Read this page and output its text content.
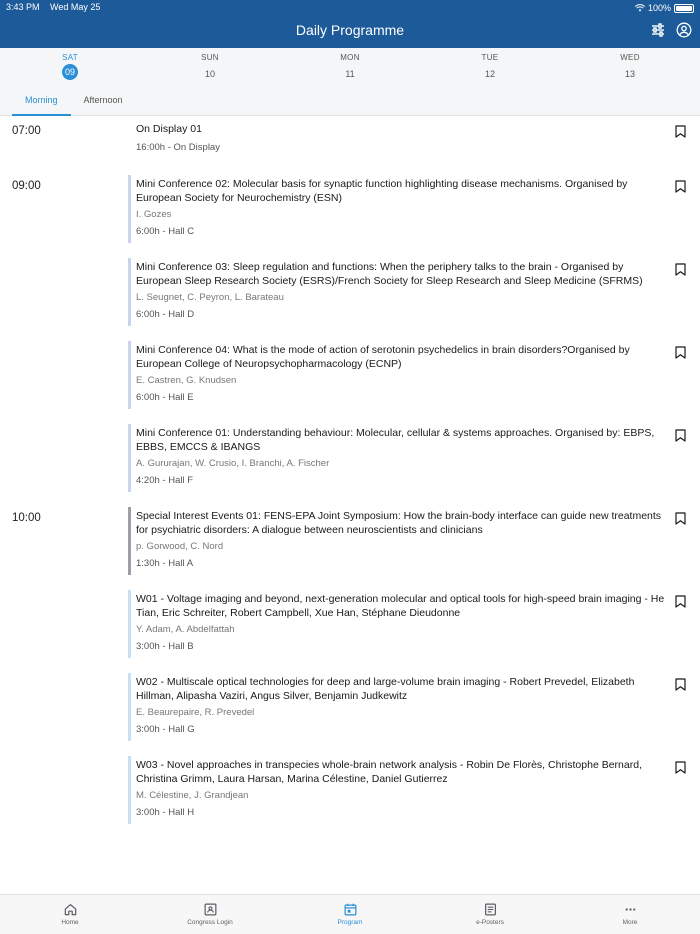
3:43 PM Wed May 25	100%
Daily Programme
SAT
09
SUN
10
MON
11
TUE
12
WED
13
Morning	Afternoon
07:00	On Display 01
16:00h - On Display
09:00	Mini Conference 02: Molecular basis for synaptic function highlighting disease mechanisms. Organised by European Society for Neurochemistry (ESN)
I. Gozes
6:00h - Hall C
Mini Conference 03: Sleep regulation and functions: When the periphery talks to the brain - Organised by European Sleep Research Society (ESRS)/French Society for Sleep Research and Sleep Medicine (SFRMS)
L. Seugnet, C. Peyron, L. Barateau
6:00h - Hall D
Mini Conference 04: What is the mode of action of serotonin psychedelics in brain disorders?Organised by European College of Neuropsychopharmacology (ECNP)
E. Castren, G. Knudsen
6:00h - Hall E
Mini Conference 01: Understanding behaviour: Molecular, cellular & systems approaches. Organised by: EBPS, EBBS, EMCCS & IBANGS
A. Gururajan, W. Crusio, I. Branchi, A. Fischer
4:20h - Hall F
10:00	Special Interest Events 01: FENS-EPA Joint Symposium: How the brain-body interface can guide new treatments for psychiatric disorders: A dialogue between neuroscientists and clinicians
p. Gorwood, C. Nord
1:30h - Hall A
W01 - Voltage imaging and beyond, next-generation molecular and optical tools for high-speed brain imaging - He Tian, Eric Schreiter, Robert Campbell, Xue Han, Stéphane Dieudonne
Y. Adam, A. Abdelfattah
3:00h - Hall B
W02 - Multiscale optical technologies for deep and large-volume brain imaging - Robert Prevedel, Elizabeth Hillman, Alipasha Vaziri, Angus Silver, Benjamin Judkewitz
E. Beaurepaire, R. Prevedel
3:00h - Hall G
W03 - Novel approaches in transpecies whole-brain network analysis - Robin De Florès, Christophe Bernard, Christina Grimm, Laura Harsan, Marina Célestine, Daniel Gutierrez
M. Célestine, J. Grandjean
3:00h - Hall H
Home	Congress Login	Program	e-Posters	More
